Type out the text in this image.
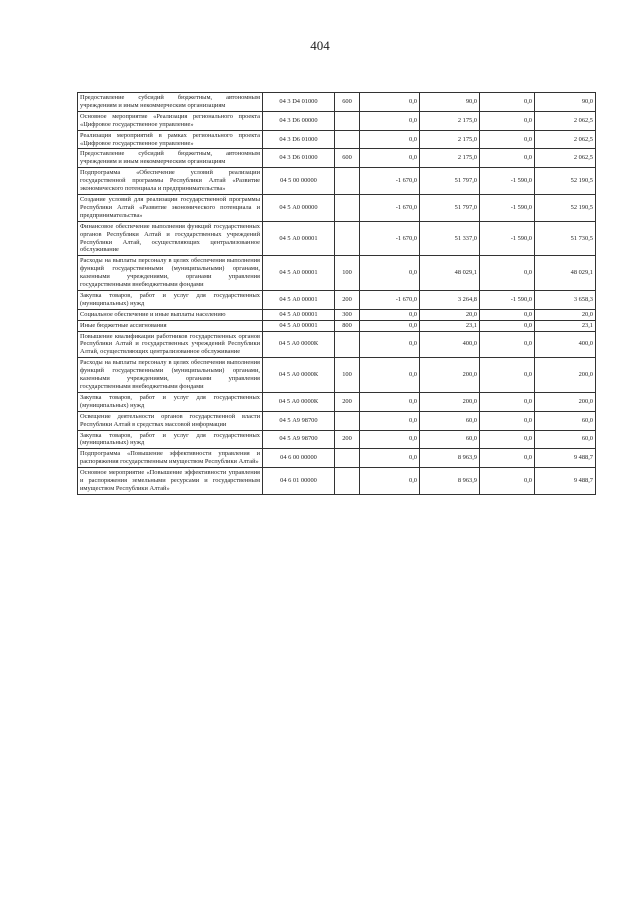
404
Предоставление субсидий бюджетным, автономным учреждениям и иным некоммерческим организациям	04 3 D4 01000	600	0,0	90,0	0,0	90,0
Основное мероприятие «Реализация регионального проекта «Цифровое государственное управление»	04 3 D6 00000		0,0	2 175,0	0,0	2 062,5
Реализация мероприятий в рамках регионального проекта «Цифровое государственное управление»	04 3 D6 01000		0,0	2 175,0	0,0	2 062,5
Предоставление субсидий бюджетным, автономным учреждениям и иным некоммерческим организациям	04 3 D6 01000	600	0,0	2 175,0	0,0	2 062,5
Подпрограмма «Обеспечение условий реализации государственной программы Республики Алтай «Развитие экономического потенциала и предпринимательства»	04 5 00 00000		-1 670,0	51 797,0	-1 590,0	52 190,5
Создание условий для реализации государственной программы Республики Алтай «Развитие экономического потенциала и предпринимательства»	04 5 А0 00000		-1 670,0	51 797,0	-1 590,0	52 190,5
Финансовое обеспечение выполнения функций государственных органов Республики Алтай и государственных учреждений Республики Алтай, осуществляющих централизованное обслуживание	04 5 А0 00001		-1 670,0	51 337,0	-1 590,0	51 730,5
Расходы на выплаты персоналу в целях обеспечения выполнения функций государственными (муниципальными) органами, казенными учреждениями, органами управления государственными внебюджетными фондами	04 5 А0 00001	100	0,0	48 029,1	0,0	48 029,1
Закупка товаров, работ и услуг для государственных (муниципальных) нужд	04 5 А0 00001	200	-1 670,0	3 264,8	-1 590,0	3 658,3
Социальное обеспечение и иные выплаты населению	04 5 А0 00001	300	0,0	20,0	0,0	20,0
Иные бюджетные ассигнования	04 5 А0 00001	800	0,0	23,1	0,0	23,1
Повышение квалификации работников государственных органов Республики Алтай и государственных учреждений Республики Алтай, осуществляющих централизованное обслуживание	04 5 А0 0000К		0,0	400,0	0,0	400,0
Расходы на выплаты персоналу в целях обеспечения выполнения функций государственными (муниципальными) органами, казенными учреждениями, органами управления государственными внебюджетными фондами	04 5 А0 0000К	100	0,0	200,0	0,0	200,0
Закупка товаров, работ и услуг для государственных (муниципальных) нужд	04 5 А0 0000К	200	0,0	200,0	0,0	200,0
Освещение деятельности органов государственной власти Республики Алтай в средствах массовой информации	04 5 А9 98700		0,0	60,0	0,0	60,0
Закупка товаров, работ и услуг для государственных (муниципальных) нужд	04 5 А9 98700	200	0,0	60,0	0,0	60,0
Подпрограмма «Повышение эффективности управления и распоряжения государственным имуществом Республики Алтай»	04 6 00 00000		0,0	8 963,9	0,0	9 488,7
Основное мероприятие «Повышение эффективности управления и распоряжения земельными ресурсами и государственным имуществом Республики Алтай»	04 6 01 00000		0,0	8 963,9	0,0	9 488,7
